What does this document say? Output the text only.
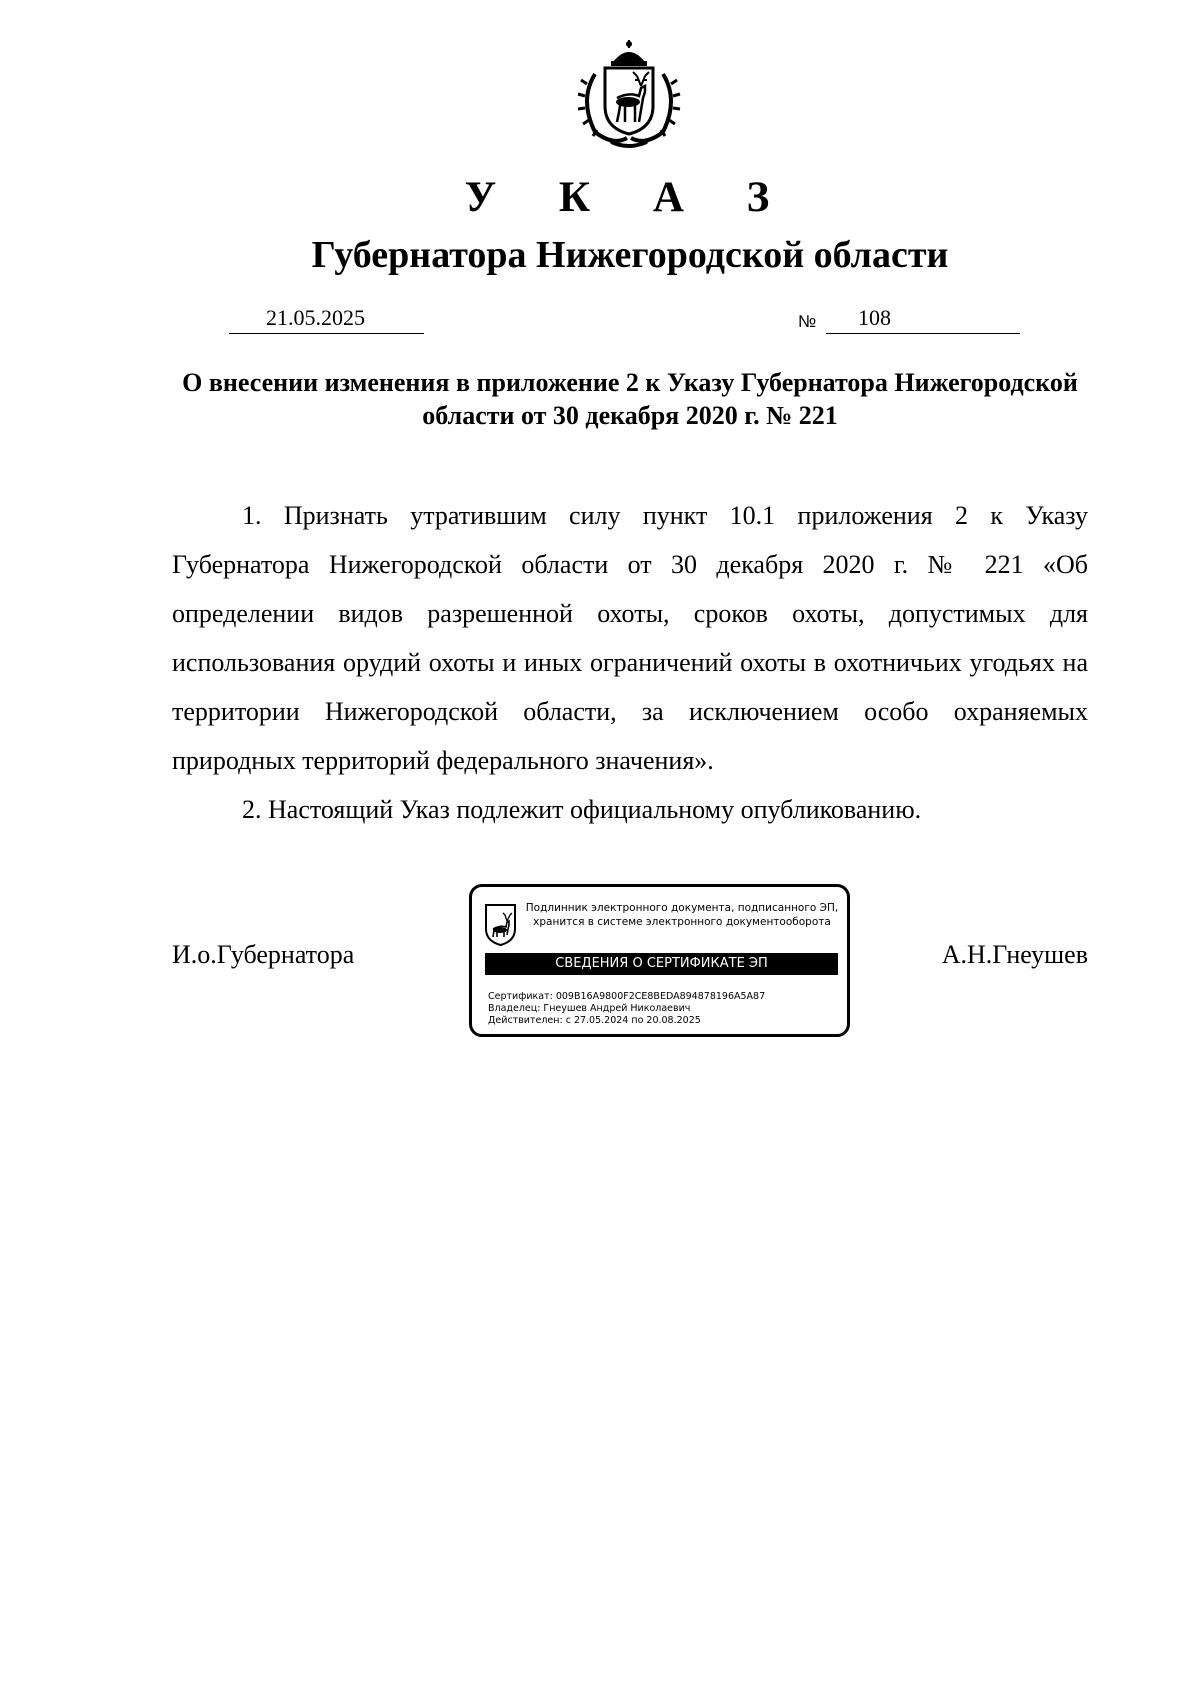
У К А З
Губернатора Нижегородской области
21.05.2025	№ 108
О внесении изменения в приложение 2 к Указу Губернатора Нижегородской области от 30 декабря 2020 г. № 221

1. Признать утратившим силу пункт 10.1 приложения 2 к Указу Губернатора Нижегородской области от 30 декабря 2020 г. № 221 «Об определении видов разрешенной охоты, сроков охоты, допустимых для использования орудий охоты и иных ограничений охоты в охотничьих угодьях на территории Нижегородской области, за исключением особо охраняемых природных территорий федерального значения».

2. Настоящий Указ подлежит официальному опубликованию.

И.о.Губернатора
Подлинник электронного документа, подписанного ЭП,
хранится в системе электронного документооборота
СВЕДЕНИЯ О СЕРТИФИКАТЕ ЭП
Сертификат: 009B16A9800F2CE8BEDA894878196A5A87
Владелец: Гнеушев Андрей Николаевич
Действителен: с 27.05.2024 по 20.08.2025
А.Н.Гнеушев
